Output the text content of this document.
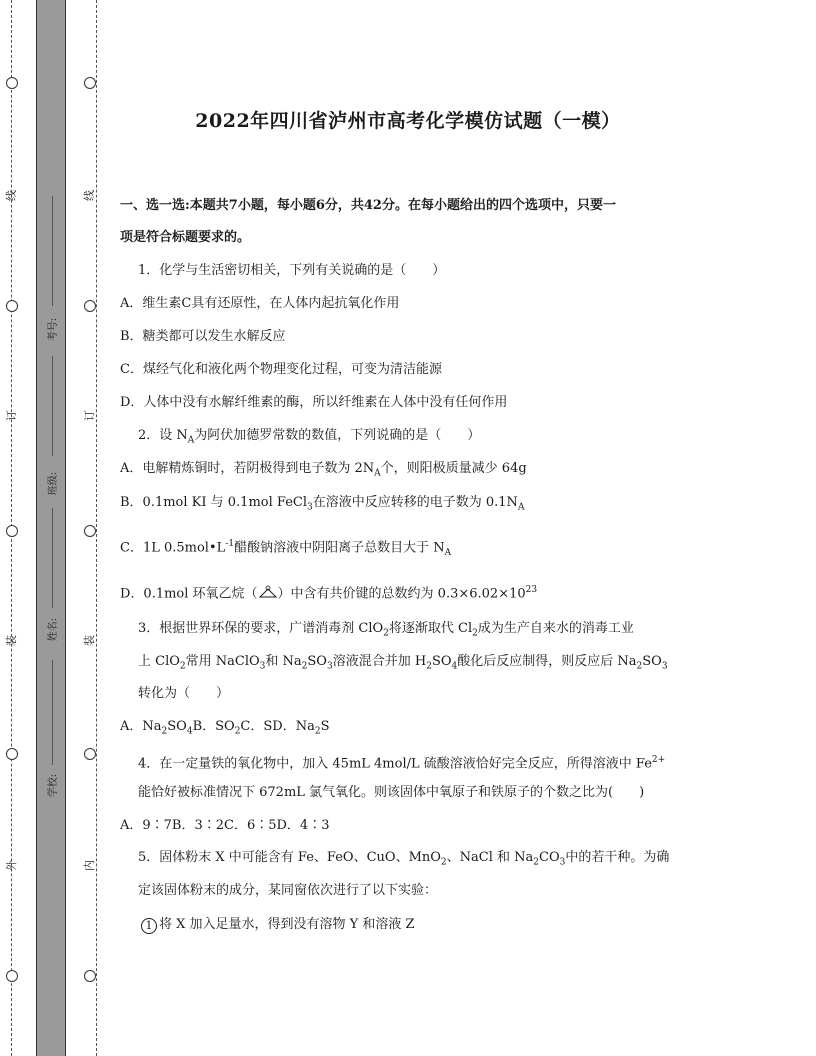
线
订
装
外
线
订
装
内
考号:
班级:
姓名:
学校:
2022年四川省泸州市高考化学模仿试题（一模）
一、选一选:本题共7小题，每小题6分，共42分。在每小题给出的四个选项中，只要一
项是符合标题要求的。
1．化学与生活密切相关，下列有关说确的是（　　）
A．维生素C具有还原性，在人体内起抗氧化作用
B．糖类都可以发生水解反应
C．煤经气化和液化两个物理变化过程，可变为清洁能源
D．人体中没有水解纤维素的酶，所以纤维素在人体中没有任何作用
2．设 $N_A$为阿伏加德罗常数的数值，下列说确的是（　　）
A．电解精炼铜时，若阴极得到电子数为 $2N_A$个，则阳极质量减少 64g
B．0.1mol KI 与 0.1mol FeCl$_3$在溶液中反应转移的电子数为 $0.1N_A$
C．1L $0.5mol•L^{-1}$醋酸钠溶液中阴阳离子总数目大于 $N_A$
D．0.1mol 环氧乙烷（ ）中含有共价键的总数约为 $0.3\times 6.02\times 10^{23}$
3．根据世界环保的要求，广谱消毒剂 ClO$_2$将逐渐取代 $Cl_2$成为生产自来水的消毒工业
上 ClO$_2$常用 NaClO$_3$和 $Na_2SO_3$溶液混合并加 $H_2SO_4$酸化后反应制得，则反应后 $Na_2SO_3$
转化为（　　）
A．$Na_2SO_4B$．$SO_2C$．SD．$Na_2S$
4．在一定量铁的氧化物中，加入 45mL 4mol/L 硫酸溶液恰好完全反应，所得溶液中 $Fe^{2+}$
能恰好被标准情况下 672mL 氯气氧化。则该固体中氧原子和铁原子的个数之比为(　　)
A．9∶7B．3∶2C．6∶5D．4∶3
5．固体粉末 X 中可能含有 Fe、FeO、CuO、MnO$_2$、NaCl 和 $Na_2CO_3$中的若干种。为确
定该固体粉末的成分，某同窗依次进行了以下实验：
1 将 X 加入足量水，得到没有溶物 Y 和溶液 Z
